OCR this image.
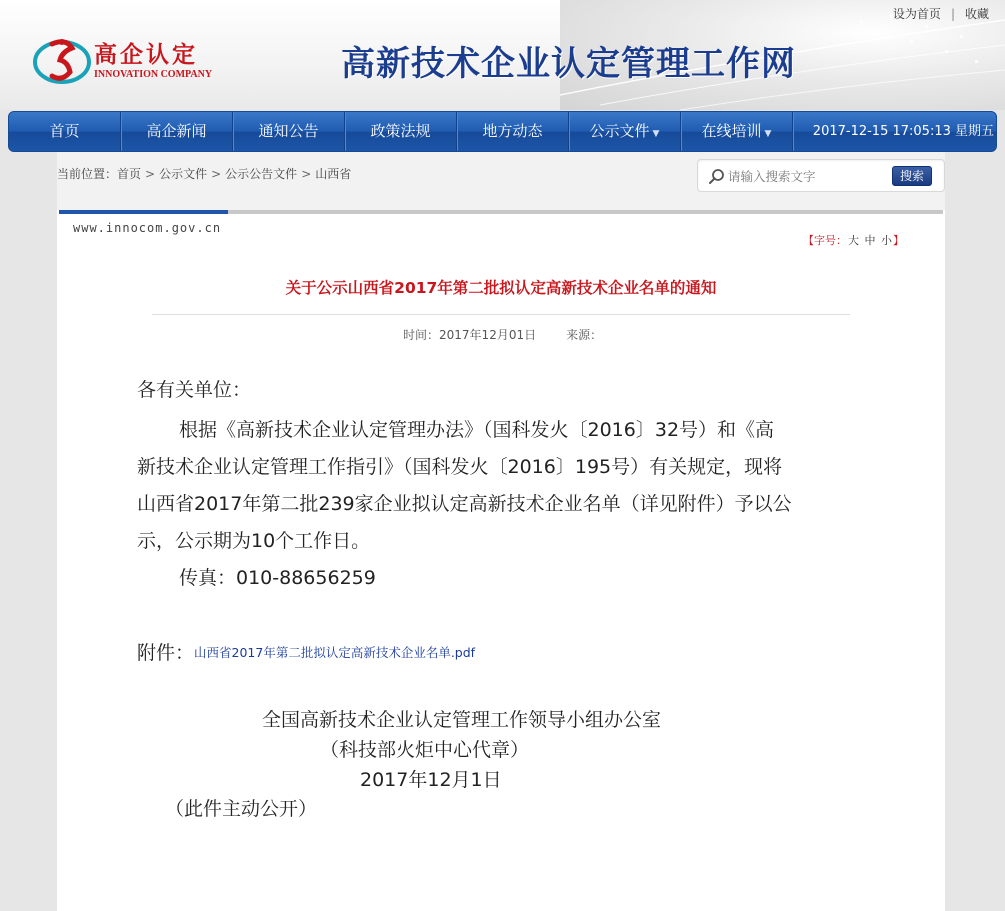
高企认定
INNOVATION COMPANY	高新技术企业认定管理工作网
设为首页 | 收藏
首页	高企新闻	通知公告	政策法规	地方动态	公示文件 ▼	在线培训 ▼	2017-12-15 17:05:13 星期五
当前位置：首页 > 公示文件 > 公示公告文件 > 山西省
请输入搜索文字	搜索
www.innocom.gov.cn
【字号：大 中 小】
关于公示山西省2017年第二批拟认定高新技术企业名单的通知
时间：2017年12月01日	来源：
各有关单位：
根据《高新技术企业认定管理办法》（国科发火〔2016〕32号）和《高
新技术企业认定管理工作指引》（国科发火〔2016〕195号）有关规定，现将
山西省2017年第二批239家企业拟认定高新技术企业名单（详见附件）予以公
示，公示期为10个工作日。
传真：010-88656259
附件：山西省2017年第二批拟认定高新技术企业名单.pdf
全国高新技术企业认定管理工作领导小组办公室
（科技部火炬中心代章）
2017年12月1日
（此件主动公开）
